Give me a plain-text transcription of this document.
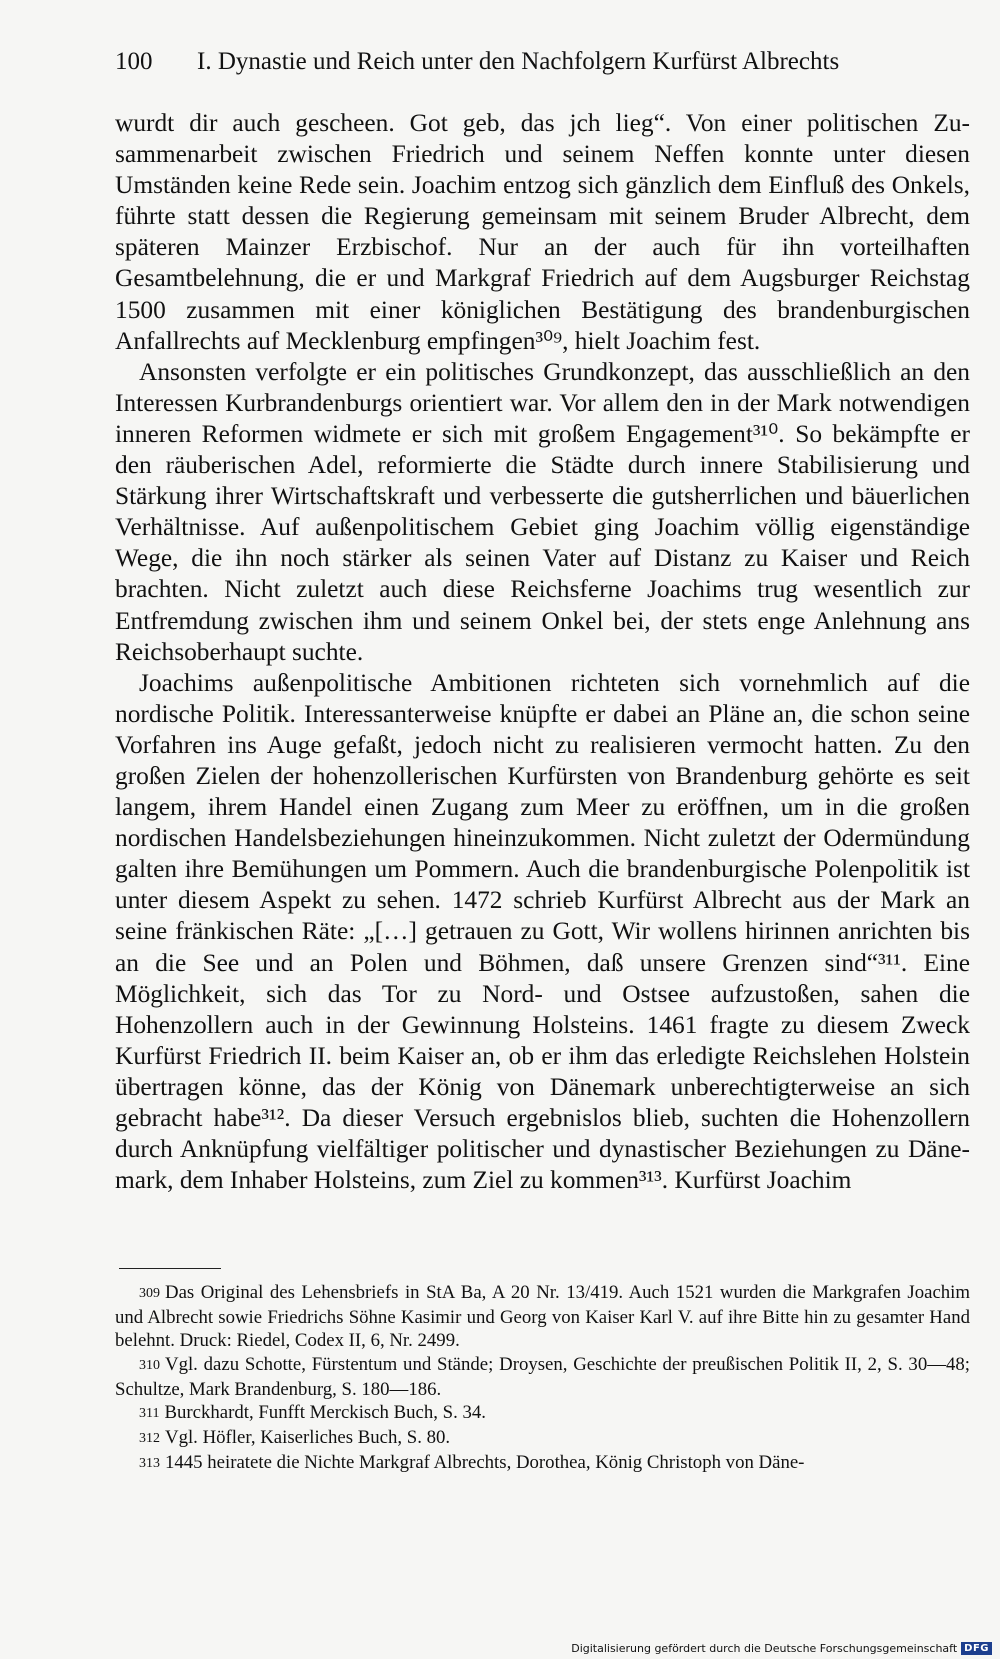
100 I. Dynastie und Reich unter den Nachfolgern Kurfürst Albrechts

wurdt dir auch gescheen. Got geb, das jch lieg“. Von einer politischen Zusammenarbeit zwischen Friedrich und seinem Neffen konnte unter diesen Umständen keine Rede sein. Joachim entzog sich gänzlich dem Einfluß des Onkels, führte statt dessen die Regierung gemeinsam mit seinem Bruder Albrecht, dem späteren Mainzer Erzbischof. Nur an der auch für ihn vorteilhaften Gesamtbelehnung, die er und Markgraf Friedrich auf dem Augsburger Reichstag 1500 zusammen mit einer königlichen Bestätigung des brandenburgischen Anfallrechts auf Mecklenburg empfingen³⁰⁹, hielt Joachim fest.

Ansonsten verfolgte er ein politisches Grundkonzept, das ausschließlich an den Interessen Kurbrandenburgs orientiert war. Vor allem den in der Mark notwendigen inneren Reformen widmete er sich mit großem Engagement³¹⁰. So bekämpfte er den räuberischen Adel, reformierte die Städte durch innere Stabilisierung und Stärkung ihrer Wirtschaftskraft und verbesserte die gutsherrlichen und bäuerlichen Verhältnisse. Auf außenpolitischem Gebiet ging Joachim völlig eigenständige Wege, die ihn noch stärker als seinen Vater auf Distanz zu Kaiser und Reich brachten. Nicht zuletzt auch diese Reichsferne Joachims trug wesentlich zur Entfremdung zwischen ihm und seinem Onkel bei, der stets enge Anlehnung ans Reichsoberhaupt suchte.

Joachims außenpolitische Ambitionen richteten sich vornehmlich auf die nordische Politik. Interessanterweise knüpfte er dabei an Pläne an, die schon seine Vorfahren ins Auge gefaßt, jedoch nicht zu realisieren vermocht hatten. Zu den großen Zielen der hohenzollerischen Kurfürsten von Brandenburg gehörte es seit langem, ihrem Handel einen Zugang zum Meer zu eröffnen, um in die großen nordischen Handelsbeziehungen hineinzukommen. Nicht zuletzt der Odermündung galten ihre Bemühungen um Pommern. Auch die brandenburgische Polenpolitik ist unter diesem Aspekt zu sehen. 1472 schrieb Kurfürst Albrecht aus der Mark an seine fränkischen Räte: „[…] getrauen zu Gott, Wir wollens hirinnen anrichten bis an die See und an Polen und Böhmen, daß unsere Grenzen sind“³¹¹. Eine Möglichkeit, sich das Tor zu Nord- und Ostsee aufzustoßen, sahen die Hohenzollern auch in der Gewinnung Holsteins. 1461 fragte zu diesem Zweck Kurfürst Friedrich II. beim Kaiser an, ob er ihm das erledigte Reichslehen Holstein übertragen könne, das der König von Dänemark unberechtigterweise an sich gebracht habe³¹². Da dieser Versuch ergebnislos blieb, suchten die Hohenzollern durch Anknüpfung vielfältiger politischer und dynastischer Beziehungen zu Dänemark, dem Inhaber Holsteins, zum Ziel zu kommen³¹³. Kurfürst Joachim

309 Das Original des Lehensbriefs in StA Ba, A 20 Nr. 13/419. Auch 1521 wurden die Markgrafen Joachim und Albrecht sowie Friedrichs Söhne Kasimir und Georg von Kaiser Karl V. auf ihre Bitte hin zu gesamter Hand belehnt. Druck: Riedel, Codex II, 6, Nr. 2499.

310 Vgl. dazu Schotte, Fürstentum und Stände; Droysen, Geschichte der preußischen Politik II, 2, S. 30—48; Schultze, Mark Brandenburg, S. 180—186.

311 Burckhardt, Funfft Merckisch Buch, S. 34.

312 Vgl. Höfler, Kaiserliches Buch, S. 80.

313 1445 heiratete die Nichte Markgraf Albrechts, Dorothea, König Christoph von Däne-

Digitalisierung gefördert durch die Deutsche Forschungsgemeinschaft DFG
